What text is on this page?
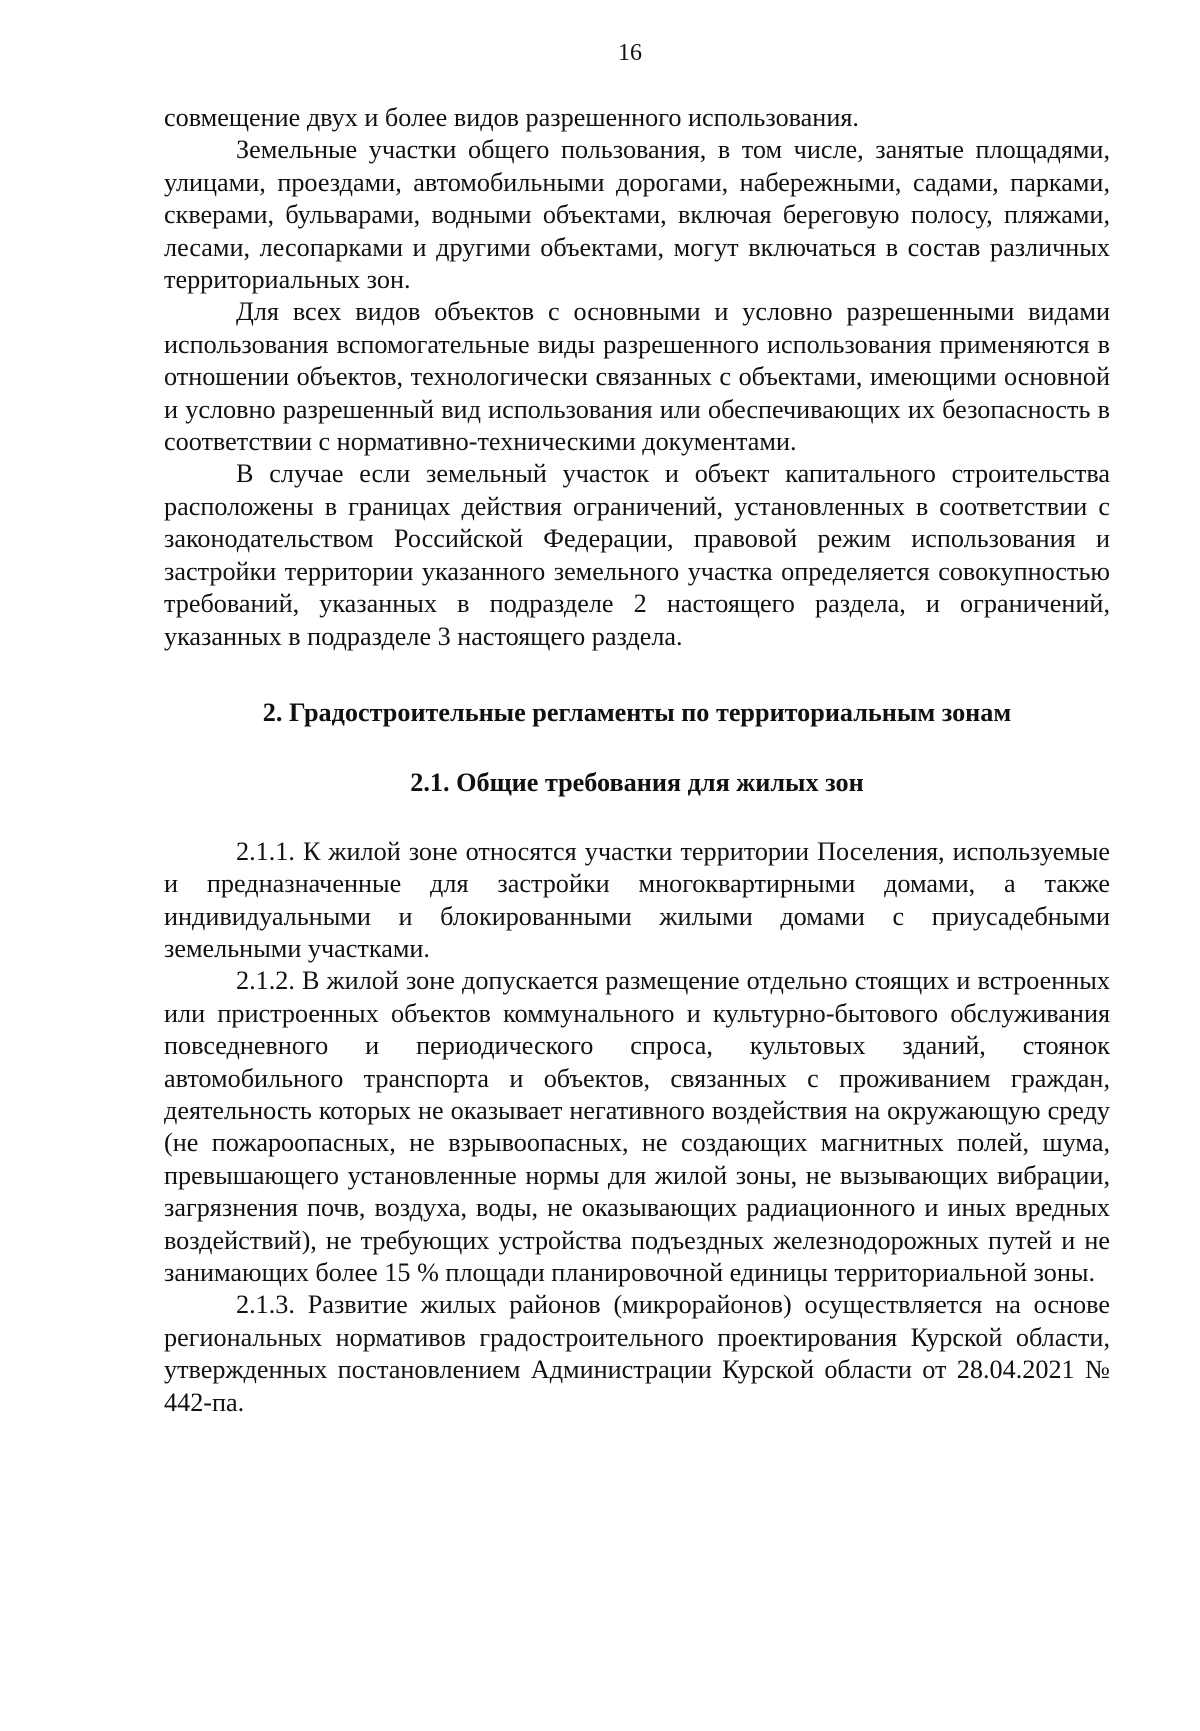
16

совмещение двух и более видов разрешенного использования.

Земельные участки общего пользования, в том числе, занятые площадями, улицами, проездами, автомобильными дорогами, набережными, садами, парками, скверами, бульварами, водными объектами, включая береговую полосу, пляжами, лесами, лесопарками и другими объектами, могут включаться в состав различных территориальных зон.

Для всех видов объектов с основными и условно разрешенными видами использования вспомогательные виды разрешенного использования применяются в отношении объектов, технологически связанных с объектами, имеющими основной и условно разрешенный вид использования или обеспечивающих их безопасность в соответствии с нормативно-техническими документами.

В случае если земельный участок и объект капитального строительства расположены в границах действия ограничений, установленных в соответствии с законодательством Российской Федерации, правовой режим использования и застройки территории указанного земельного участка определяется совокупностью требований, указанных в подразделе 2 настоящего раздела, и ограничений, указанных в подразделе 3 настоящего раздела.

2. Градостроительные регламенты по территориальным зонам
2.1. Общие требования для жилых зон

2.1.1. К жилой зоне относятся участки территории Поселения, используемые и предназначенные для застройки многоквартирными домами, а также индивидуальными и блокированными жилыми домами с приусадебными земельными участками.

2.1.2. В жилой зоне допускается размещение отдельно стоящих и встроенных или пристроенных объектов коммунального и культурно-бытового обслуживания повседневного и периодического спроса, культовых зданий, стоянок автомобильного транспорта и объектов, связанных с проживанием граждан, деятельность которых не оказывает негативного воздействия на окружающую среду (не пожароопасных, не взрывоопасных, не создающих магнитных полей, шума, превышающего установленные нормы для жилой зоны, не вызывающих вибрации, загрязнения почв, воздуха, воды, не оказывающих радиационного и иных вредных воздействий), не требующих устройства подъездных железнодорожных путей и не занимающих более 15 % площади планировочной единицы территориальной зоны.

2.1.3. Развитие жилых районов (микрорайонов) осуществляется на основе региональных нормативов градостроительного проектирования Курской области, утвержденных постановлением Администрации Курской области от 28.04.2021 № 442-па.
